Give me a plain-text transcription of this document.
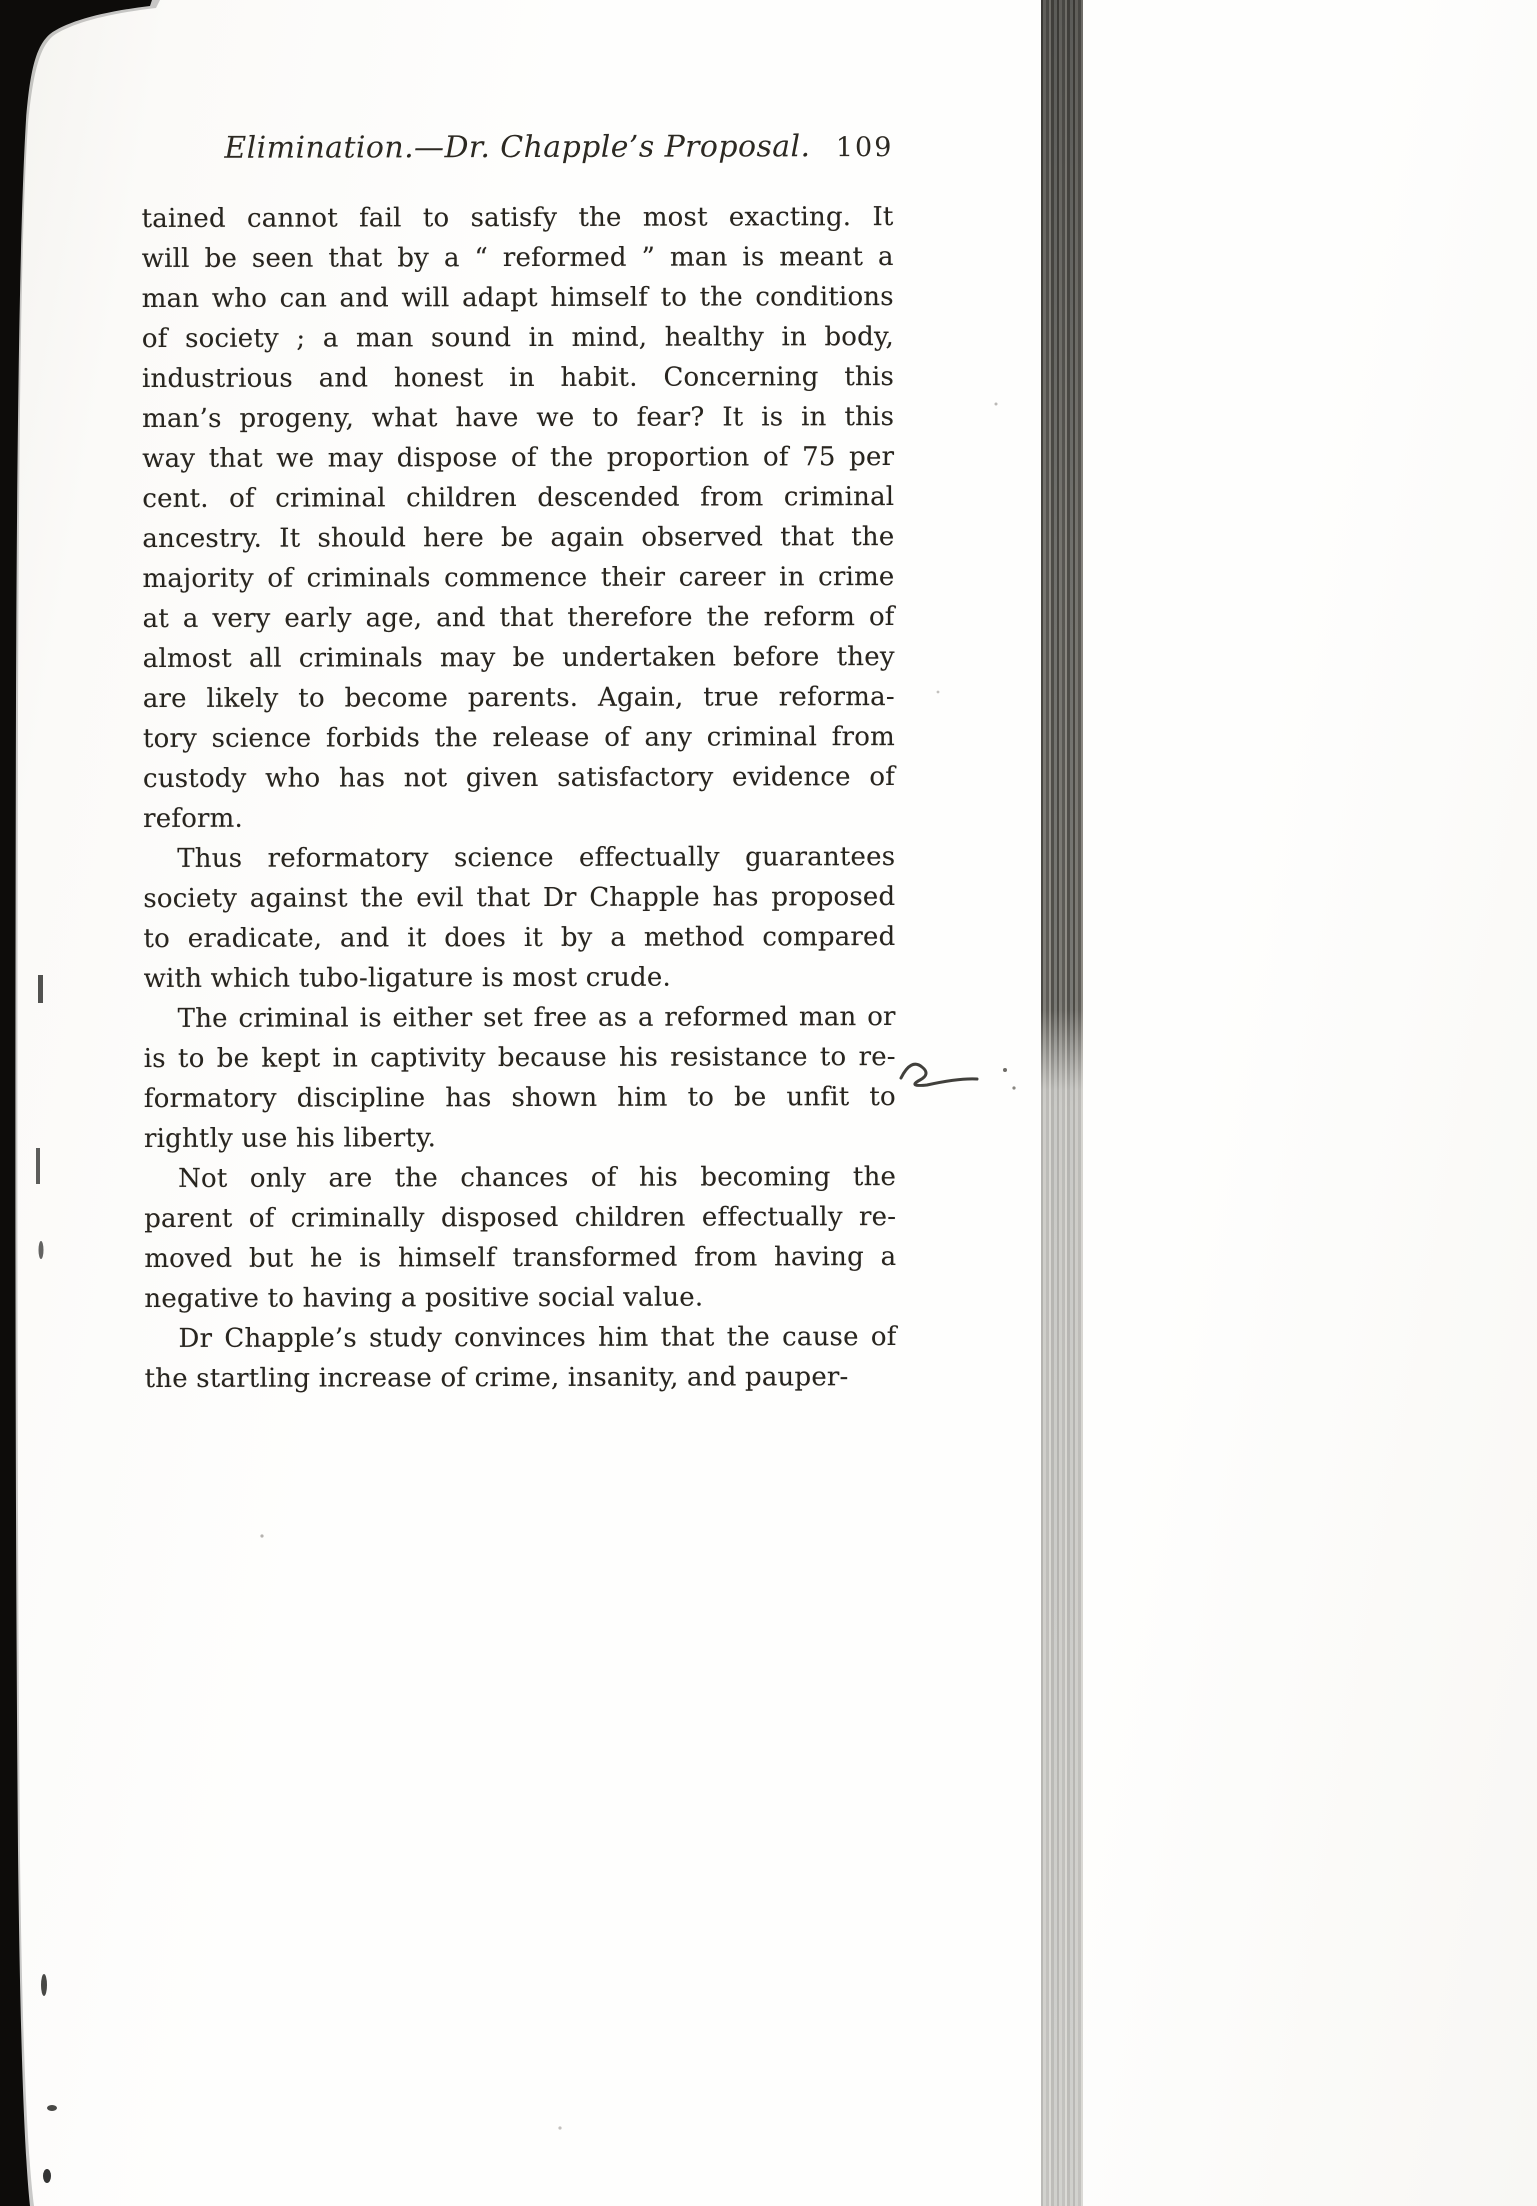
Elimination.—Dr. Chapple’s Proposal. 109
tained cannot fail to satisfy the most exacting. It
will be seen that by a “ reformed ” man is meant a
man who can and will adapt himself to the conditions
of society ; a man sound in mind, healthy in body,
industrious and honest in habit. Concerning this
man’s progeny, what have we to fear? It is in this
way that we may dispose of the proportion of 75 per
cent. of criminal children descended from criminal
ancestry. It should here be again observed that the
majority of criminals commence their career in crime
at a very early age, and that therefore the reform of
almost all criminals may be undertaken before they
are likely to become parents. Again, true reforma-
tory science forbids the release of any criminal from
custody who has not given satisfactory evidence of
reform.
Thus reformatory science effectually guarantees
society against the evil that Dr Chapple has proposed
to eradicate, and it does it by a method compared
with which tubo-ligature is most crude.
The criminal is either set free as a reformed man or
is to be kept in captivity because his resistance to re-
formatory discipline has shown him to be unfit to
rightly use his liberty.
Not only are the chances of his becoming the
parent of criminally disposed children effectually re-
moved but he is himself transformed from having a
negative to having a positive social value.
Dr Chapple’s study convinces him that the cause of
the startling increase of crime, insanity, and pauper-
